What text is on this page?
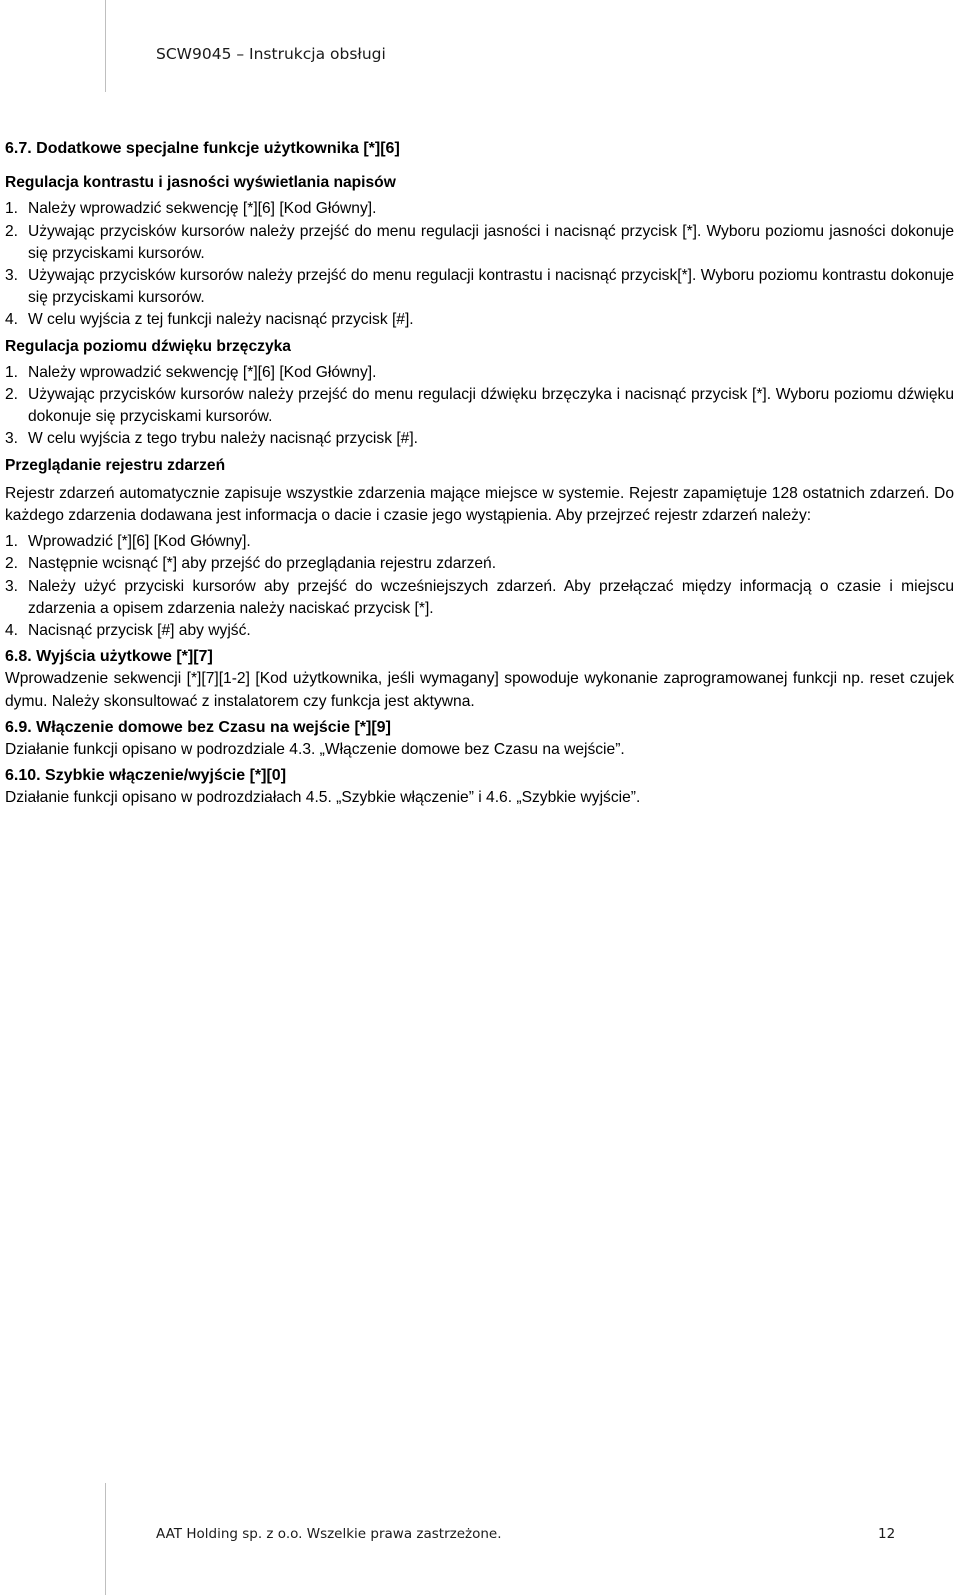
SCW9045 – Instrukcja obsługi

6.7. Dodatkowe specjalne funkcje użytkownika [*][6]

Regulacja kontrastu i jasności wyświetlania napisów

1. Należy wprowadzić sekwencję [*][6] [Kod Główny].
2. Używając przycisków kursorów należy przejść do menu regulacji jasności i nacisnąć przycisk [*]. Wyboru poziomu jasności dokonuje się przyciskami kursorów.
3. Używając przycisków kursorów należy przejść do menu regulacji kontrastu i nacisnąć przycisk[*]. Wyboru poziomu kontrastu dokonuje się przyciskami kursorów.
4. W celu wyjścia z tej funkcji należy nacisnąć przycisk [#].

Regulacja poziomu dźwięku brzęczyka

1. Należy wprowadzić sekwencję [*][6] [Kod Główny].
2. Używając przycisków kursorów należy przejść do menu regulacji dźwięku brzęczyka i nacisnąć przycisk [*]. Wyboru poziomu dźwięku dokonuje się przyciskami kursorów.
3. W celu wyjścia z tego trybu należy nacisnąć przycisk [#].

Przeglądanie rejestru zdarzeń

Rejestr zdarzeń automatycznie zapisuje wszystkie zdarzenia mające miejsce w systemie. Rejestr zapamiętuje 128 ostatnich zdarzeń. Do każdego zdarzenia dodawana jest informacja o dacie i czasie jego wystąpienia. Aby przejrzeć rejestr zdarzeń należy:

1. Wprowadzić [*][6] [Kod Główny].
2. Następnie wcisnąć [*] aby przejść do przeglądania rejestru zdarzeń.
3. Należy użyć przyciski kursorów aby przejść do wcześniejszych zdarzeń. Aby przełączać między informacją o czasie i miejscu zdarzenia a opisem zdarzenia należy naciskać przycisk [*].
4. Nacisnąć przycisk [#] aby wyjść.

6.8. Wyjścia użytkowe [*][7]

Wprowadzenie sekwencji [*][7][1-2] [Kod użytkownika, jeśli wymagany] spowoduje wykonanie zaprogramowanej funkcji np. reset czujek dymu. Należy skonsultować z instalatorem czy funkcja jest aktywna.

6.9. Włączenie domowe bez Czasu na wejście [*][9]

Działanie funkcji opisano w podrozdziale 4.3. „Włączenie domowe bez Czasu na wejście”.

6.10. Szybkie włączenie/wyjście [*][0]

Działanie funkcji opisano w podrozdziałach 4.5. „Szybkie włączenie” i 4.6. „Szybkie wyjście”.

AAT Holding sp. z o.o. Wszelkie prawa zastrzeżone.	12
